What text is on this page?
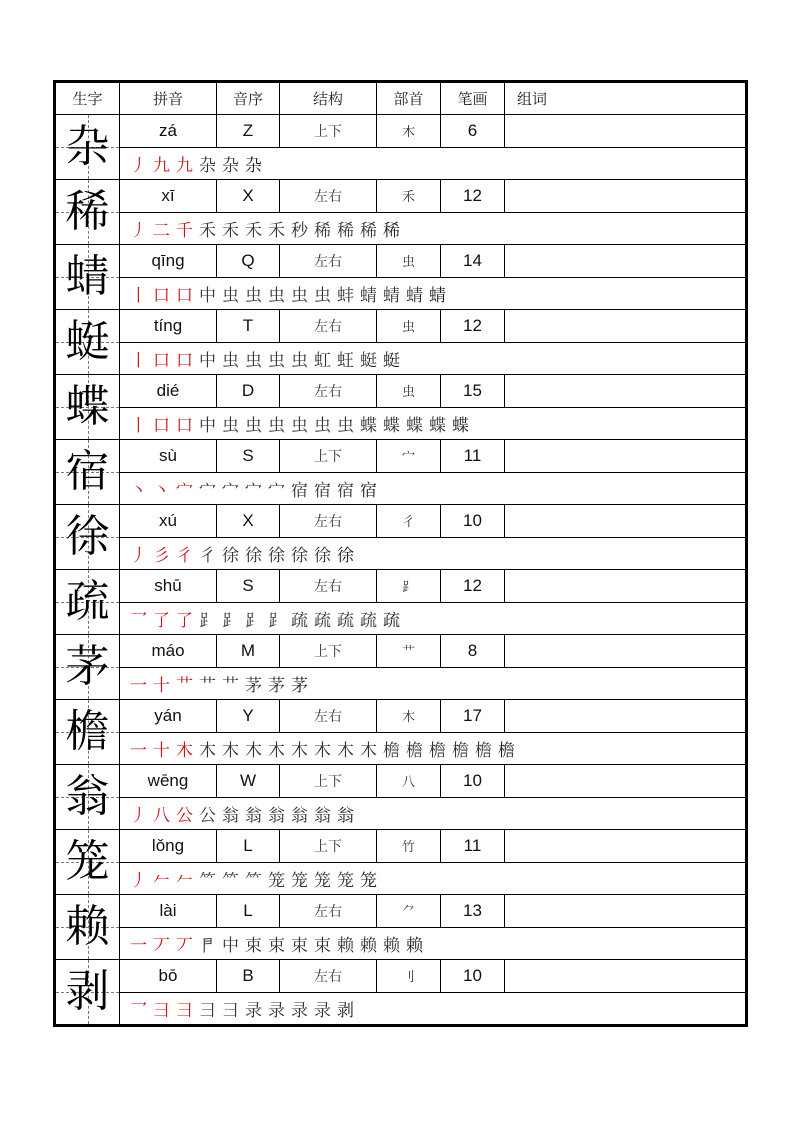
生字	拼音	音序	结构	部首	笔画	组词

杂	zá	Z	上下	木	6	
	丿 九 九 杂 杂 杂					

稀	xī	X	左右	禾	12	
	丿 二 千 禾 禾 禾 禾 秒 稀 稀 稀 稀					

蜻	qīng	Q	左右	虫	14	
	丨 口 口 中 虫 虫 虫 虫 虫 蚌 蜻 蜻 蜻 蜻					

蜓	tíng	T	左右	虫	12	
	丨 口 口 中 虫 虫 虫 虫 虹 蚟 蜓 蜓					

蝶	dié	D	左右	虫	15	
	丨 口 口 中 虫 虫 虫 虫 虫 虫 蝶 蝶 蝶 蝶 蝶					

宿	sù	S	上下	宀	11	
	丶 丶 宀 宀 宀 宀 宀 宿 宿 宿 宿					

徐	xú	X	左右	彳	10	
	丿 彡 彳 彳 徐 徐 徐 徐 徐 徐					

疏	shū	S	左右	⻊	12	
	乛 了 了 ⻊ ⻊ ⻊ ⻊ 疏 疏 疏 疏 疏					

茅	máo	M	上下	艹	8	
	一 十 艹 艹 艹 茅 茅 茅					

檐	yán	Y	左右	木	17	
	一 十 木 木 木 木 木 木 木 木 木 檐 檐 檐 檐 檐 檐					

翁	wēng	W	上下	八	10	
	丿 八 公 公 翁 翁 翁 翁 翁 翁					

笼	lǒng	L	上下	竹	11	
	丿 𠂉 𠂉 ⺮ ⺮ ⺮ 笼 笼 笼 笼 笼					

赖	lài	L	左右	⺈	13	
	一 丆 丆 𠁣 中 束 束 束 束 赖 赖 赖 赖					

剥	bō	B	左右	刂	10	
	乛 彐 彐 彐 彐 录 录 录 录 剥					
